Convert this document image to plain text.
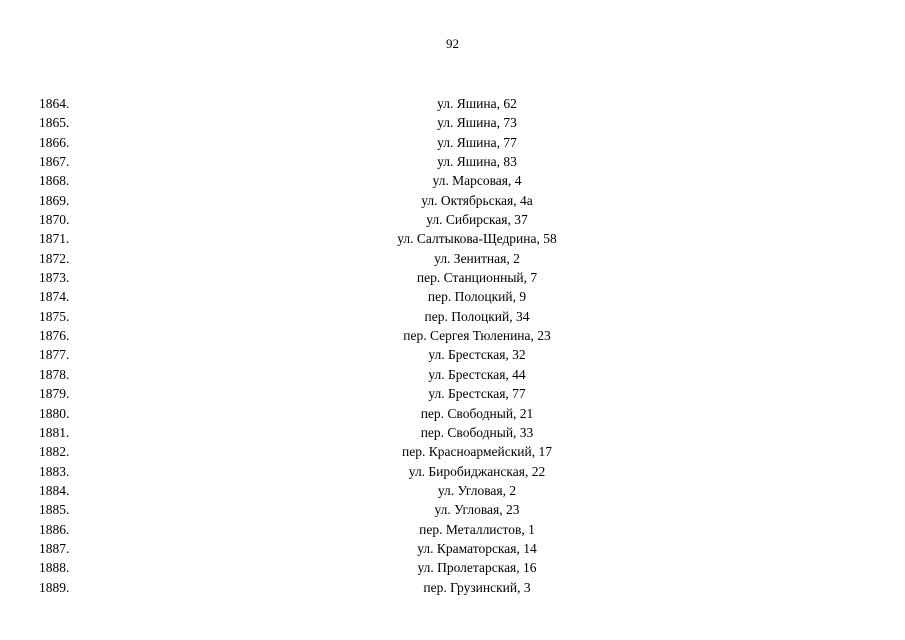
92
1864.	ул. Яшина, 62
1865.	ул. Яшина, 73
1866.	ул. Яшина, 77
1867.	ул. Яшина, 83
1868.	ул. Марсовая, 4
1869.	ул. Октябрьская, 4а
1870.	ул. Сибирская, 37
1871.	ул. Салтыкова-Щедрина, 58
1872.	ул. Зенитная, 2
1873.	пер. Станционный, 7
1874.	пер. Полоцкий, 9
1875.	пер. Полоцкий, 34
1876.	пер. Сергея Тюленина, 23
1877.	ул. Брестская, 32
1878.	ул. Брестская, 44
1879.	ул. Брестская, 77
1880.	пер. Свободный, 21
1881.	пер. Свободный, 33
1882.	пер. Красноармейский, 17
1883.	ул. Биробиджанская, 22
1884.	ул. Угловая, 2
1885.	ул. Угловая, 23
1886.	пер. Металлистов, 1
1887.	ул. Краматорская, 14
1888.	ул. Пролетарская, 16
1889.	пер. Грузинский, 3
